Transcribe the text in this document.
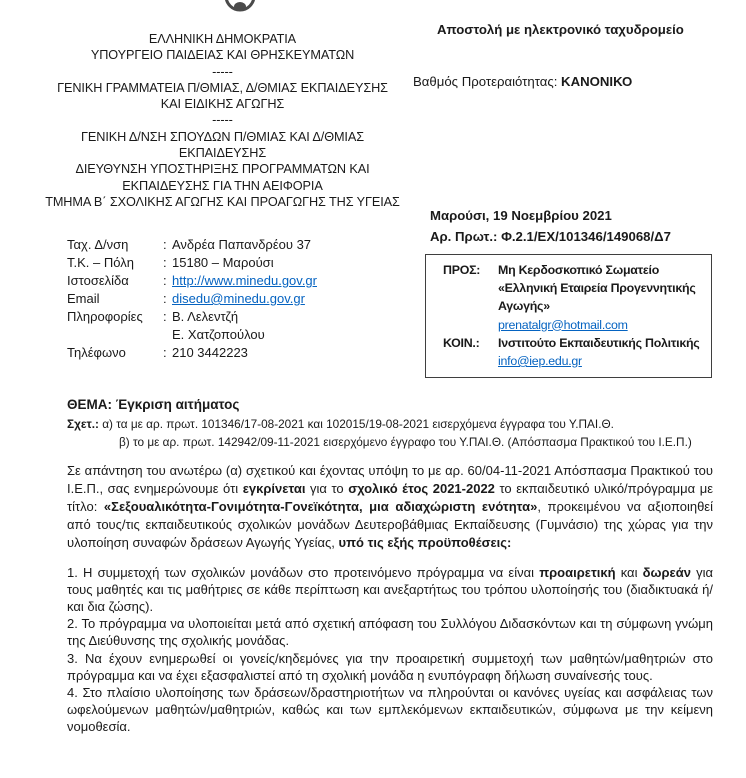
ΕΛΛΗΝΙΚΗ ΔΗΜΟΚΡΑΤΙΑ
ΥΠΟΥΡΓΕΙΟ ΠΑΙΔΕΙΑΣ ΚΑΙ ΘΡΗΣΚΕΥΜΑΤΩΝ
-----
ΓΕΝΙΚΗ ΓΡΑΜΜΑΤΕΙΑ Π/ΘΜΙΑΣ, Δ/ΘΜΙΑΣ ΕΚΠΑΙΔΕΥΣΗΣ
ΚΑΙ ΕΙΔΙΚΗΣ ΑΓΩΓΗΣ
-----
ΓΕΝΙΚΗ Δ/ΝΣΗ ΣΠΟΥΔΩΝ Π/ΘΜΙΑΣ ΚΑΙ Δ/ΘΜΙΑΣ
ΕΚΠΑΙΔΕΥΣΗΣ
ΔΙΕΥΘΥΝΣΗ ΥΠΟΣΤΗΡΙΞΗΣ ΠΡΟΓΡΑΜΜΑΤΩΝ ΚΑΙ
ΕΚΠΑΙΔΕΥΣΗΣ ΓΙΑ ΤΗΝ ΑΕΙΦΟΡΙΑ
ΤΜΗΜΑ Β΄ ΣΧΟΛΙΚΗΣ ΑΓΩΓΗΣ ΚΑΙ ΠΡΟΑΓΩΓΗΣ ΤΗΣ ΥΓΕΙΑΣ
Αποστολή με ηλεκτρονικό ταχυδρομείο
Βαθμός Προτεραιότητας: ΚΑΝΟΝΙΚΟ
Μαρούσι, 19 Νοεμβρίου 2021
Αρ. Πρωτ.: Φ.2.1/ΕΧ/101346/149068/Δ7
ΠΡΟΣ: Μη Κερδοσκοπικό Σωματείο
«Ελληνική Εταιρεία Προγεννητικής
Αγωγής»
prenatalgr@hotmail.com
ΚΟΙΝ.: Ινστιτούτο Εκπαιδευτικής Πολιτικής
info@iep.edu.gr
Ταχ. Δ/νση	: Ανδρέα Παπανδρέου 37
Τ.Κ. – Πόλη : 15180 – Μαρούσι
Ιστοσελίδα	: http://www.minedu.gov.gr
Email	: disedu@minedu.gov.gr
Πληροφορίες : Β. Λελεντζή
Ε. Χατζοπούλου
Τηλέφωνο	: 210 3442223
ΘΕΜΑ: Έγκριση αιτήματος
Σχετ.: α) τα με αρ. πρωτ. 101346/17-08-2021 και 102015/19-08-2021 εισερχόμενα έγγραφα του Υ.ΠΑΙ.Θ.
β) το με αρ. πρωτ. 142942/09-11-2021 εισερχόμενο έγγραφο του Υ.ΠΑΙ.Θ. (Απόσπασμα Πρακτικού του Ι.Ε.Π.)

Σε απάντηση του ανωτέρω (α) σχετικού και έχοντας υπόψη το με αρ. 60/04-11-2021 Απόσπασμα Πρακτικού του Ι.Ε.Π., σας ενημερώνουμε ότι εγκρίνεται για το σχολικό έτος 2021-2022 το εκπαιδευτικό υλικό/πρόγραμμα με τίτλο: «Σεξουαλικότητα-Γονιμότητα-Γονεϊκότητα, μια αδιαχώριστη ενότητα», προκειμένου να αξιοποιηθεί από τους/τις εκπαιδευτικούς σχολικών μονάδων Δευτεροβάθμιας Εκπαίδευσης (Γυμνάσιο) της χώρας για την υλοποίηση συναφών δράσεων Αγωγής Υγείας, υπό τις εξής προϋποθέσεις:

1. Η συμμετοχή των σχολικών μονάδων στο προτεινόμενο πρόγραμμα να είναι προαιρετική και δωρεάν για τους μαθητές και τις μαθήτριες σε κάθε περίπτωση και ανεξαρτήτως του τρόπου υλοποίησής του (διαδικτυακά ή/και δια ζώσης).

2. Το πρόγραμμα να υλοποιείται μετά από σχετική απόφαση του Συλλόγου Διδασκόντων και τη σύμφωνη γνώμη της Διεύθυνσης της σχολικής μονάδας.

3. Να έχουν ενημερωθεί οι γονείς/κηδεμόνες για την προαιρετική συμμετοχή των μαθητών/μαθητριών στο πρόγραμμα και να έχει εξασφαλιστεί από τη σχολική μονάδα η ενυπόγραφη δήλωση συναίνεσής τους.

4. Στο πλαίσιο υλοποίησης των δράσεων/δραστηριοτήτων να πληρούνται οι κανόνες υγείας και ασφάλειας των ωφελούμενων μαθητών/μαθητριών, καθώς και των εμπλεκόμενων εκπαιδευτικών, σύμφωνα με την κείμενη νομοθεσία.
